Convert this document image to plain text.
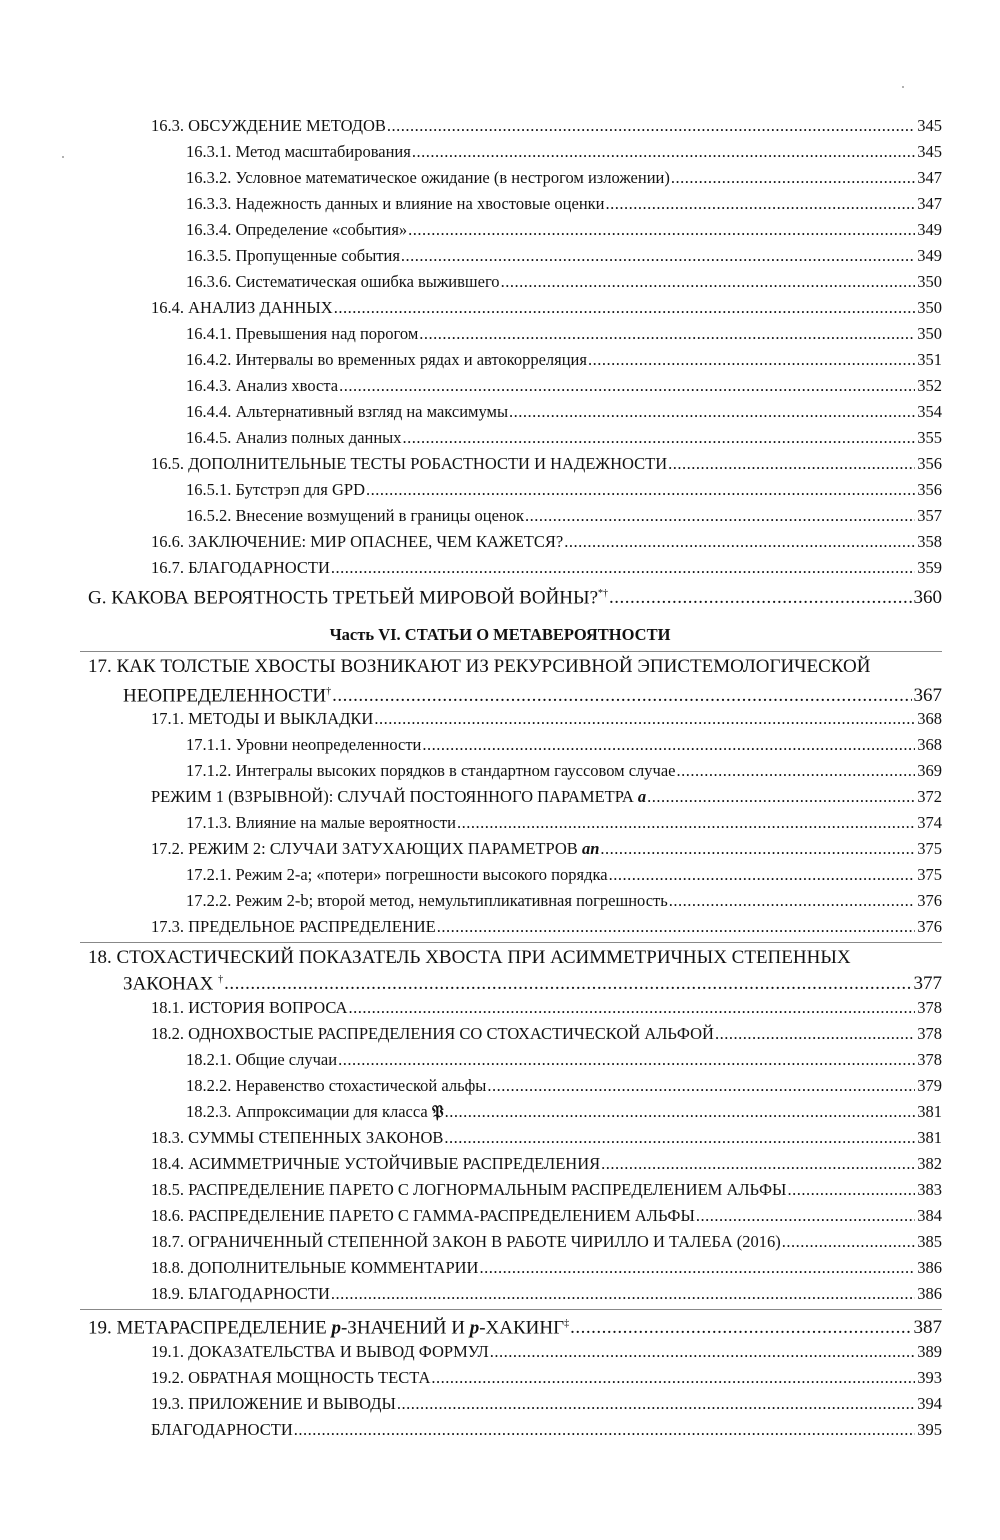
16.3. ОБСУЖДЕНИЕ МЕТОДОВ .....	345
16.3.1. Метод масштабирования .....	345
16.3.2. Условное математическое ожидание (в нестрогом изложении) .....	347
16.3.3. Надежность данных и влияние на хвостовые оценки .....	347
16.3.4. Определение «события» .....	349
16.3.5. Пропущенные события .....	349
16.3.6. Систематическая ошибка выжившего .....	350
16.4. АНАЛИЗ ДАННЫХ .....	350
16.4.1. Превышения над порогом .....	350
16.4.2. Интервалы во временных рядах и автокорреляция .....	351
16.4.3. Анализ хвоста .....	352
16.4.4. Альтернативный взгляд на максимумы .....	354
16.4.5. Анализ полных данных .....	355
16.5. ДОПОЛНИТЕЛЬНЫЕ ТЕСТЫ РОБАСТНОСТИ И НАДЕЖНОСТИ .....	356
16.5.1. Бутстрэп для GPD .....	356
16.5.2. Внесение возмущений в границы оценок .....	357
16.6. ЗАКЛЮЧЕНИЕ: МИР ОПАСНЕЕ, ЧЕМ КАЖЕТСЯ? .....	358
16.7. БЛАГОДАРНОСТИ .....	359
G. КАКОВА ВЕРОЯТНОСТЬ ТРЕТЬЕЙ МИРОВОЙ ВОЙНЫ?*† .....	360
Часть VI. СТАТЬИ О МЕТАВЕРОЯТНОСТИ
17. КАК ТОЛСТЫЕ ХВОСТЫ ВОЗНИКАЮТ ИЗ РЕКУРСИВНОЙ ЭПИСТЕМОЛОГИЧЕСКОЙ
НЕОПРЕДЕЛЕННОСТИ† .....	367
17.1. МЕТОДЫ И ВЫКЛАДКИ .....	368
17.1.1. Уровни неопределенности .....	368
17.1.2. Интегралы высоких порядков в стандартном гауссовом случае .....	369
РЕЖИМ 1 (ВЗРЫВНОЙ): СЛУЧАЙ ПОСТОЯННОГО ПАРАМЕТРА a .....	372
17.1.3. Влияние на малые вероятности .....	374
17.2. РЕЖИМ 2: СЛУЧАИ ЗАТУХАЮЩИХ ПАРАМЕТРОВ an .....	375
17.2.1. Режим 2-a; «потери» погрешности высокого порядка .....	375
17.2.2. Режим 2-b; второй метод, немультипликативная погрешность .....	376
17.3. ПРЕДЕЛЬНОЕ РАСПРЕДЕЛЕНИЕ .....	376
18. СТОХАСТИЧЕСКИЙ ПОКАЗАТЕЛЬ ХВОСТА ПРИ АСИММЕТРИЧНЫХ СТЕПЕННЫХ
ЗАКОНАХ † .....	377
18.1. ИСТОРИЯ ВОПРОСА .....	378
18.2. ОДНОХВОСТЫЕ РАСПРЕДЕЛЕНИЯ СО СТОХАСТИЧЕСКОЙ АЛЬФОЙ .....	378
18.2.1. Общие случаи .....	378
18.2.2. Неравенство стохастической альфы .....	379
18.2.3. Аппроксимации для класса 𝔓 .....	381
18.3. СУММЫ СТЕПЕННЫХ ЗАКОНОВ .....	381
18.4. АСИММЕТРИЧНЫЕ УСТОЙЧИВЫЕ РАСПРЕДЕЛЕНИЯ .....	382
18.5. РАСПРЕДЕЛЕНИЕ ПАРЕТО С ЛОГНОРМАЛЬНЫМ РАСПРЕДЕЛЕНИЕМ АЛЬФЫ .....	383
18.6. РАСПРЕДЕЛЕНИЕ ПАРЕТО С ГАММА-РАСПРЕДЕЛЕНИЕМ АЛЬФЫ .....	384
18.7. ОГРАНИЧЕННЫЙ СТЕПЕННОЙ ЗАКОН В РАБОТЕ ЧИРИЛЛО И ТАЛЕБА (2016) .....	385
18.8. ДОПОЛНИТЕЛЬНЫЕ КОММЕНТАРИИ .....	386
18.9. БЛАГОДАРНОСТИ .....	386
19. МЕТАРАСПРЕДЕЛЕНИЕ p-ЗНАЧЕНИЙ И p-ХАКИНГ‡ .....	387
19.1. ДОКАЗАТЕЛЬСТВА И ВЫВОД ФОРМУЛ .....	389
19.2. ОБРАТНАЯ МОЩНОСТЬ ТЕСТА .....	393
19.3. ПРИЛОЖЕНИЕ И ВЫВОДЫ .....	394
БЛАГОДАРНОСТИ .....	395
